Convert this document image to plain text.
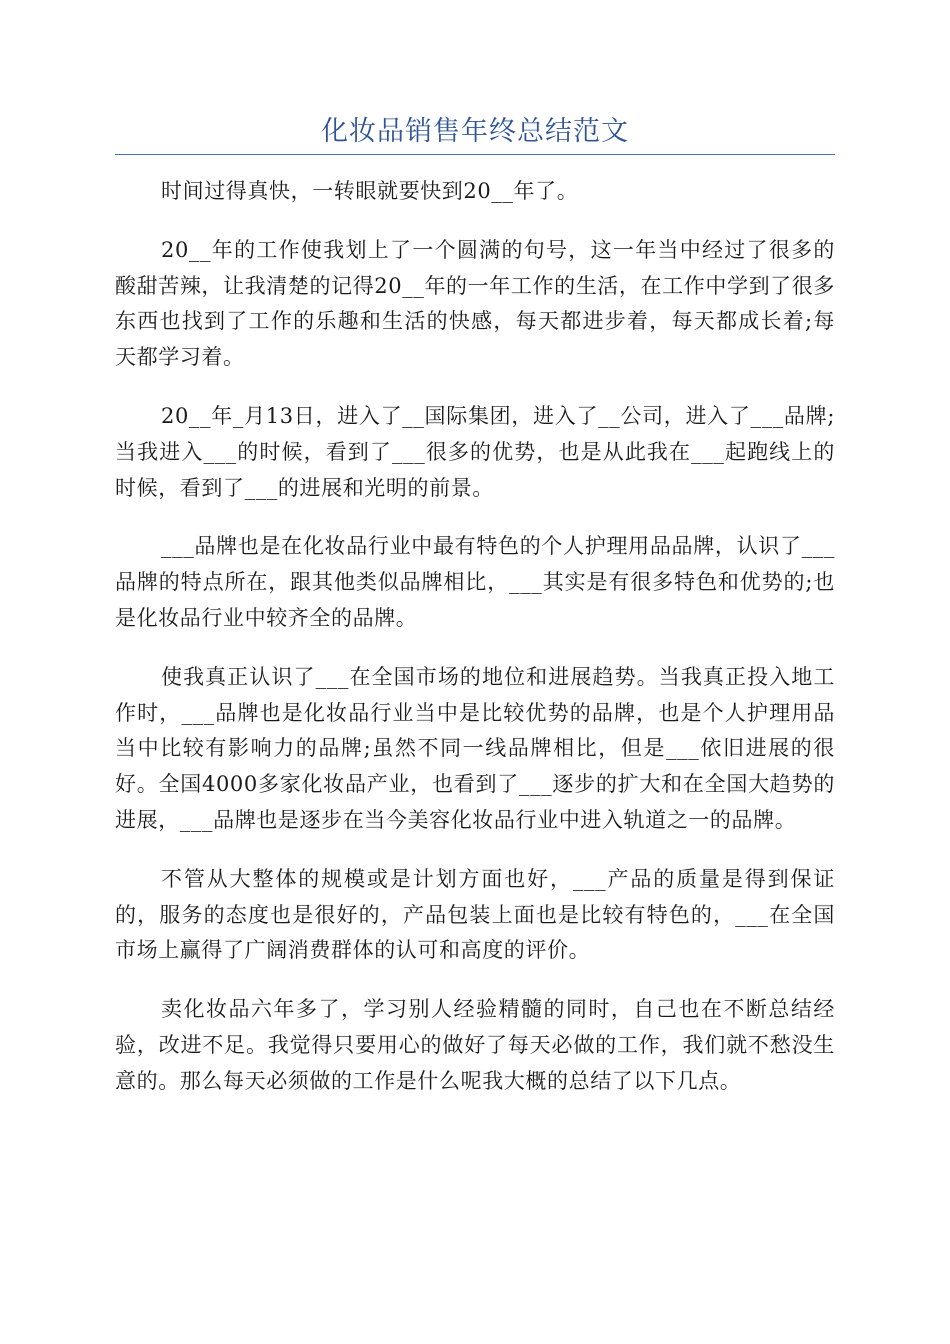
化妆品销售年终总结范文

时间过得真快，一转眼就要快到20__年了。

20__年的工作使我划上了一个圆满的句号，这一年当中经过了很多的酸甜苦辣，让我清楚的记得20__年的一年工作的生活，在工作中学到了很多东西也找到了工作的乐趣和生活的快感，每天都进步着，每天都成长着;每天都学习着。

20__年_月13日，进入了__国际集团，进入了__公司，进入了___品牌;当我进入___的时候，看到了___很多的优势，也是从此我在___起跑线上的时候，看到了___的进展和光明的前景。

___品牌也是在化妆品行业中最有特色的个人护理用品品牌，认识了___品牌的特点所在，跟其他类似品牌相比，___其实是有很多特色和优势的;也是化妆品行业中较齐全的品牌。

使我真正认识了___在全国市场的地位和进展趋势。当我真正投入地工作时，___品牌也是化妆品行业当中是比较优势的品牌，也是个人护理用品当中比较有影响力的品牌;虽然不同一线品牌相比，但是___依旧进展的很好。全国4000多家化妆品产业，也看到了___逐步的扩大和在全国大趋势的进展，___品牌也是逐步在当今美容化妆品行业中进入轨道之一的品牌。

不管从大整体的规模或是计划方面也好，___产品的质量是得到保证的，服务的态度也是很好的，产品包装上面也是比较有特色的，___在全国市场上赢得了广阔消费群体的认可和高度的评价。

卖化妆品六年多了，学习别人经验精髓的同时，自己也在不断总结经验，改进不足。我觉得只要用心的做好了每天必做的工作，我们就不愁没生意的。那么每天必须做的工作是什么呢我大概的总结了以下几点。
